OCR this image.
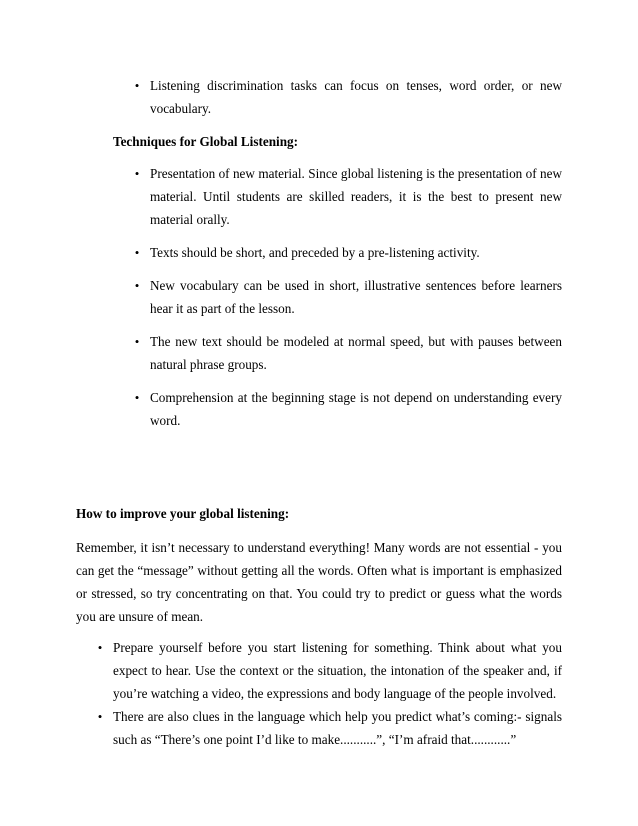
• Listening discrimination tasks can focus on tenses, word order, or new vocabulary.
Techniques for Global Listening:
• Presentation of new material. Since global listening is the presentation of new material. Until students are skilled readers, it is the best to present new material orally.
• Texts should be short, and preceded by a pre-listening activity.
• New vocabulary can be used in short, illustrative sentences before learners hear it as part of the lesson.
• The new text should be modeled at normal speed, but with pauses between natural phrase groups.
• Comprehension at the beginning stage is not depend on understanding every word.
How to improve your global listening:
Remember, it isn’t necessary to understand everything! Many words are not essential - you can get the “message” without getting all the words. Often what is important is emphasized or stressed, so try concentrating on that. You could try to predict or guess what the words you are unsure of mean.
• Prepare yourself before you start listening for something. Think about what you expect to hear. Use the context or the situation, the intonation of the speaker and, if you’re watching a video, the expressions and body language of the people involved.
• There are also clues in the language which help you predict what’s coming:- signals such as “There’s one point I’d like to make...........”, “I’m afraid that............”
